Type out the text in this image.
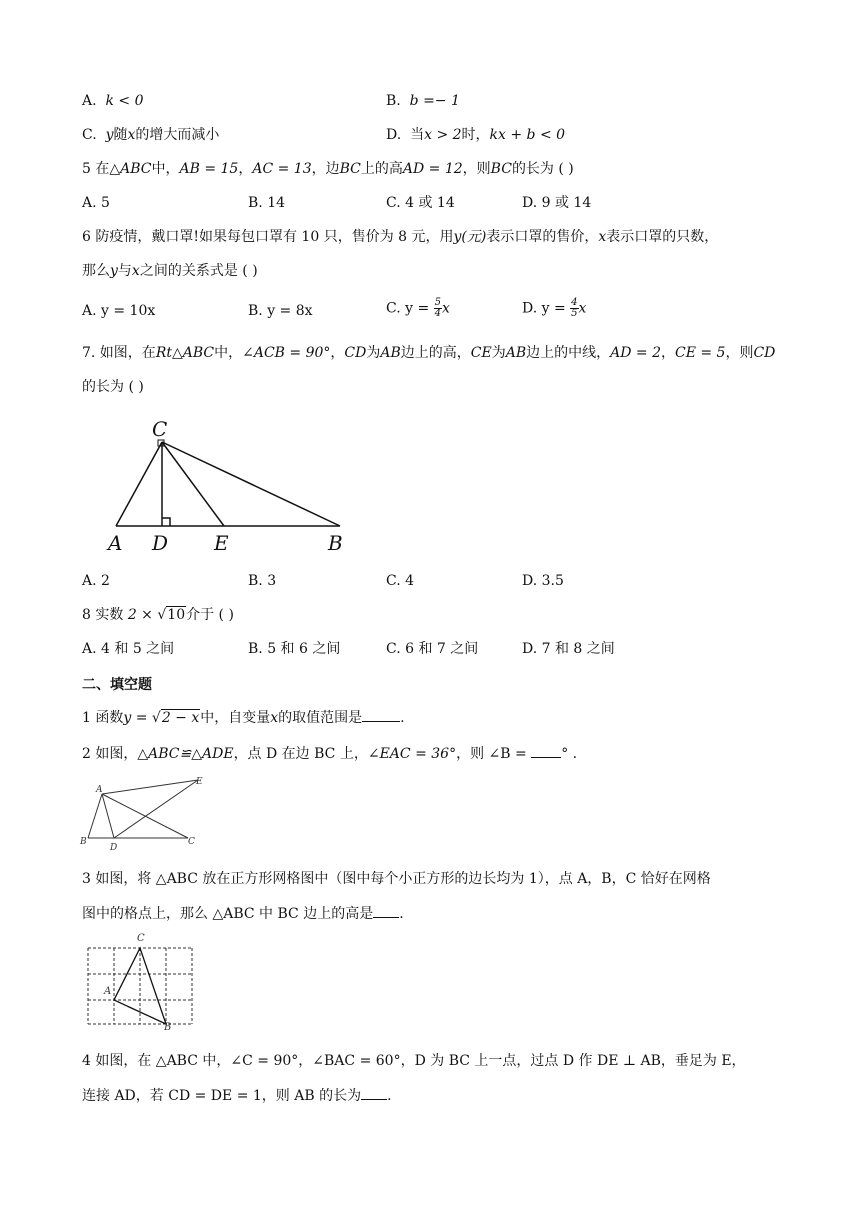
A. k < 0	B. b =− 1
C. y随x的增大而减小	D. 当x > 2时，kx + b < 0
5 在△ABC中，AB = 15，AC = 13，边BC上的高AD = 12，则BC的长为 ( )
A. 5	B. 14	C. 4 或 14	D. 9 或 14
6 防疫情，戴口罩!如果每包口罩有 10 只，售价为 8 元，用y(元)表示口罩的售价，x表示口罩的只数，
那么y与x之间的关系式是 ( )
A. y = 10x	B. y = 8x	C. $y = \frac{5}{4}$ x	D. $y = \frac{4}{5}$ x
7. 如图，在Rt△ABC中，∠ACB = 90°，CD为AB边上的高，CE为AB边上的中线，AD = 2，CE = 5，则CD
的长为 ( )
C
A D E	B
A. 2	B. 3	C. 4	D. 3.5
8 实数 2 × √10介于 ( )
A. 4 和 5 之间	B. 5 和 6 之间	C. 6 和 7 之间	D. 7 和 8 之间
二、填空题
1 函数y = √2 − x中，自变量x的取值范围是	.
2 如图，△ABC≌△ADE，点 D 在边 BC 上，∠EAC = 36°，则 ∠B = ° .
A
B	C
D
E
3 如图，将 △ABC 放在正方形网格图中（图中每个小正方形的边长均为 1），点 A，B，C 恰好在网格
图中的格点上，那么 △ABC 中 BC 边上的高是 .
C
A
B
4 如图，在 △ABC 中，∠C = 90°，∠BAC = 60°，D 为 BC 上一点，过点 D 作 DE ⊥ AB，垂足为 E，
连接 AD，若 CD = DE = 1，则 AB 的长为 .
